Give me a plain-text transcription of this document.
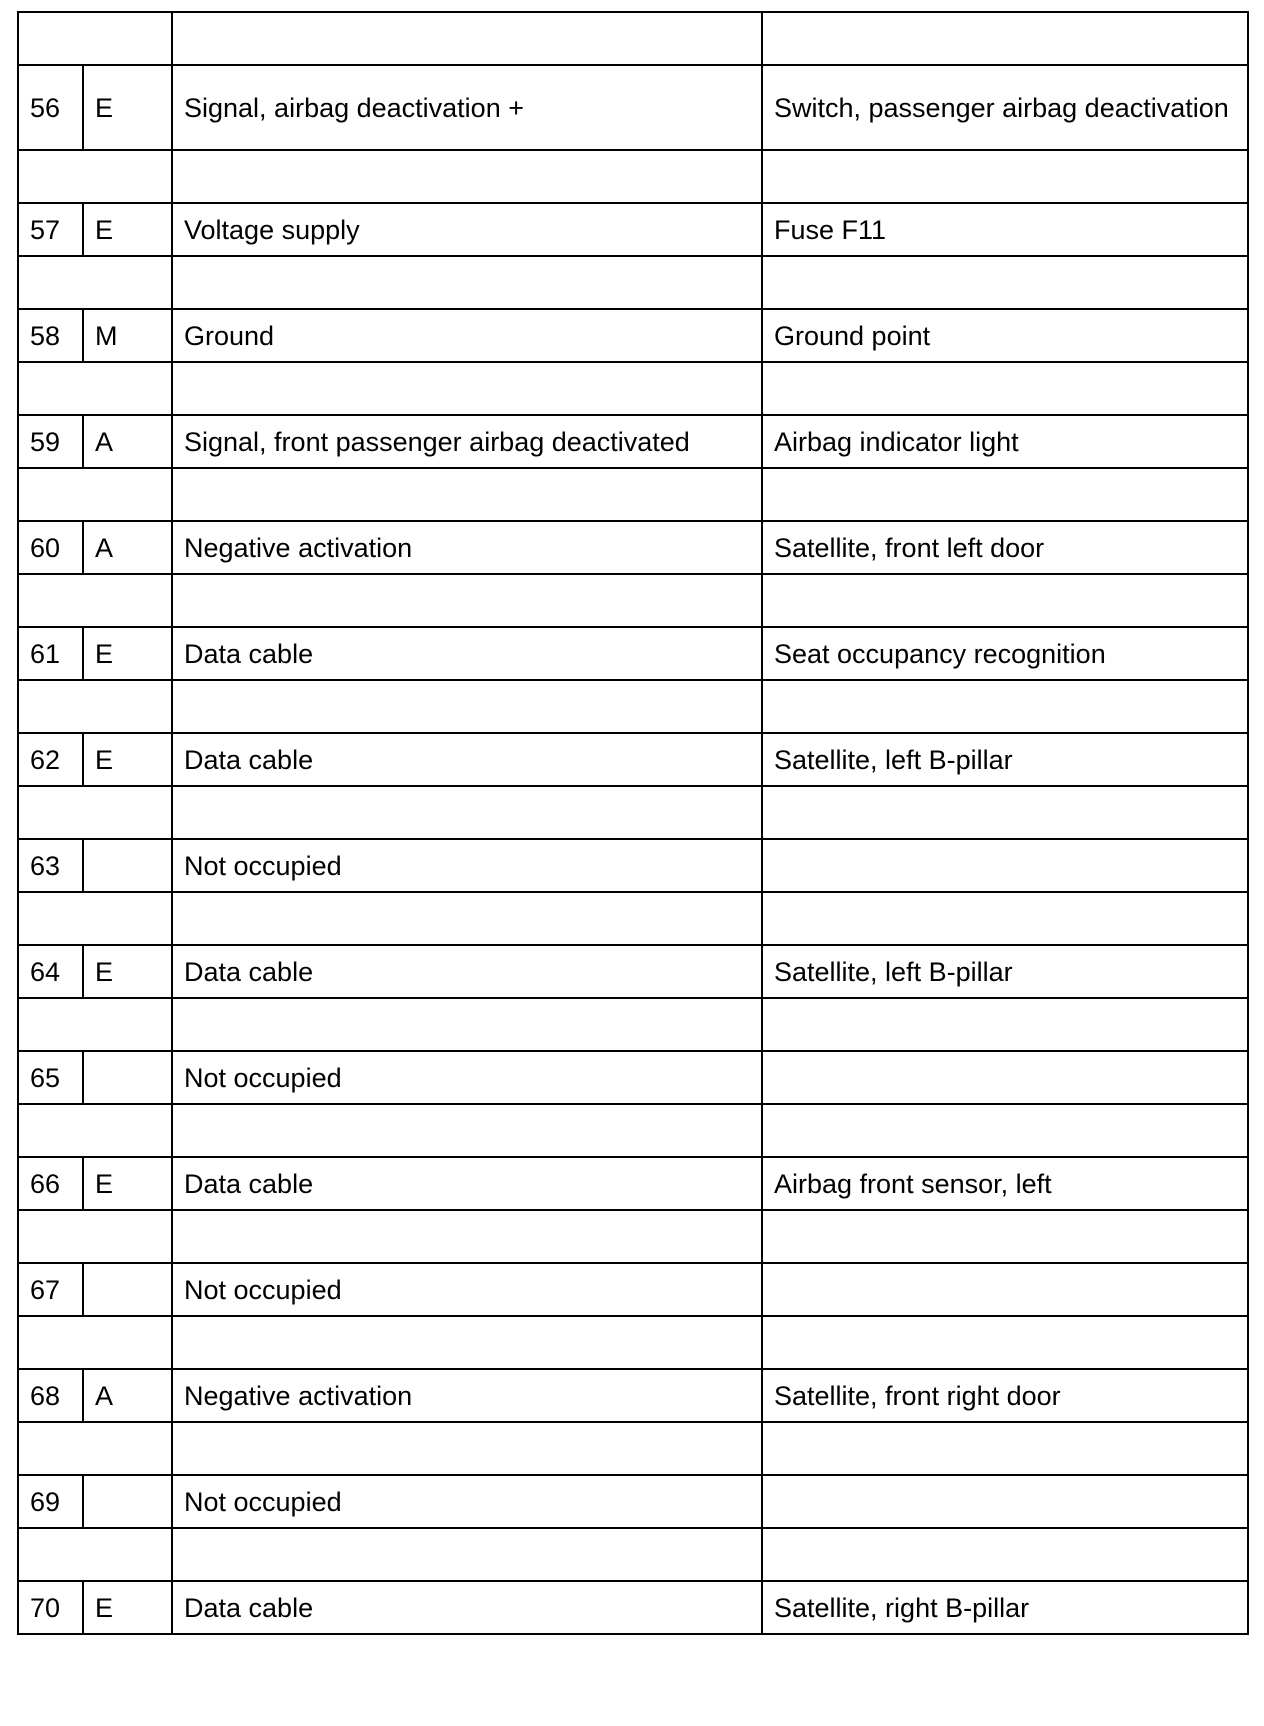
56	E	Signal, airbag deactivation +	Switch, passenger airbag deactivation

57	E	Voltage supply	Fuse F11

58	M	Ground	Ground point

59	A	Signal, front passenger airbag deactivated	Airbag indicator light

60	A	Negative activation	Satellite, front left door

61	E	Data cable	Seat occupancy recognition

62	E	Data cable	Satellite, left B-pillar

63		Not occupied	

64	E	Data cable	Satellite, left B-pillar

65		Not occupied	

66	E	Data cable	Airbag front sensor, left

67		Not occupied	

68	A	Negative activation	Satellite, front right door

69		Not occupied	

70	E	Data cable	Satellite, right B-pillar
